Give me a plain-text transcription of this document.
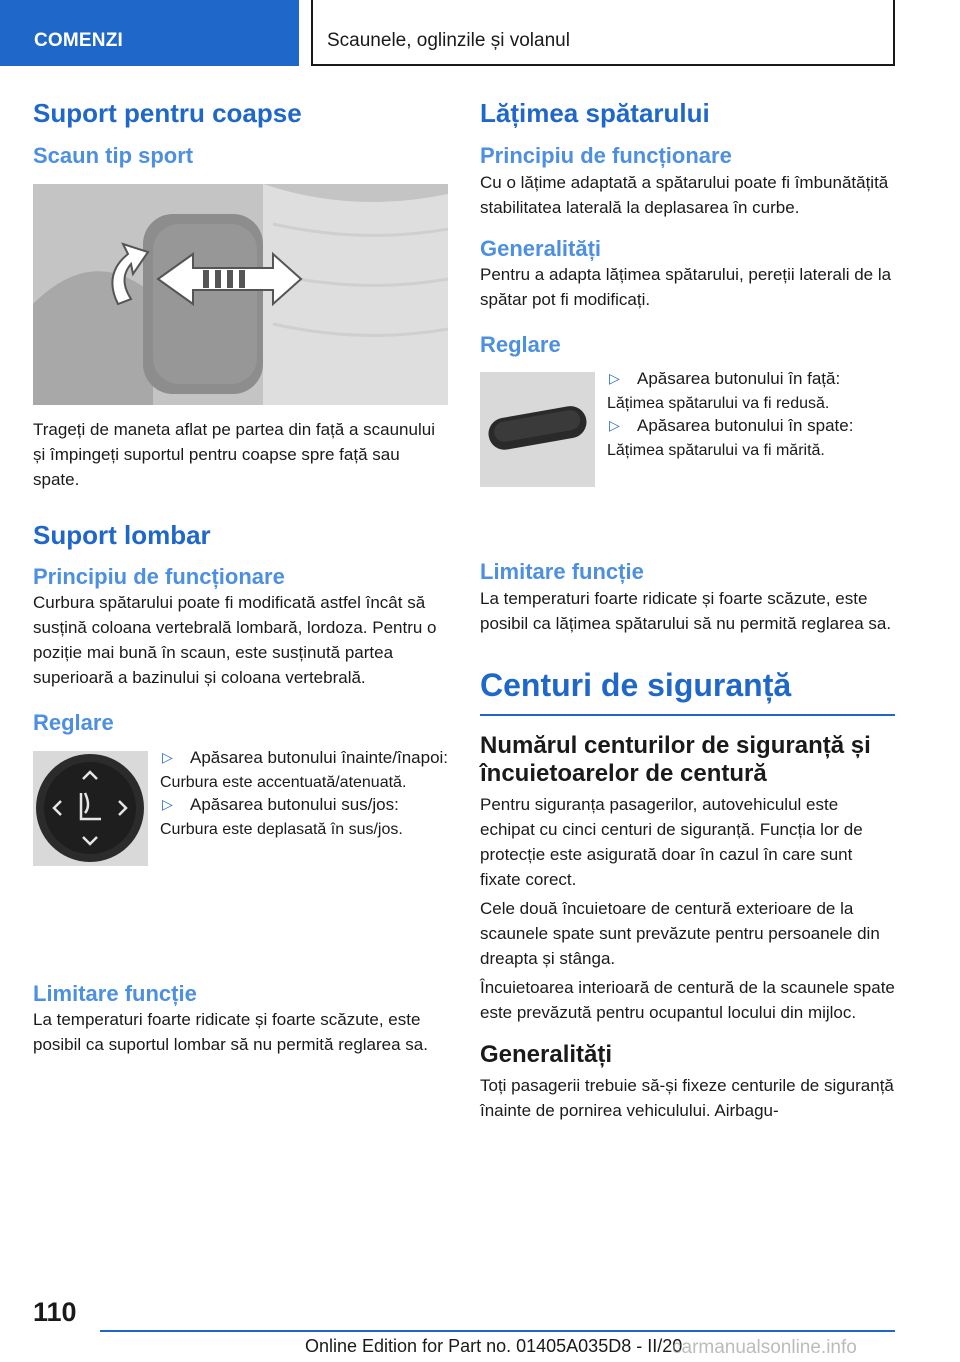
COMENZI	Scaunele, oglinzile și volanul
Suport pentru coapse
Scaun tip sport

Trageți de maneta aflat pe partea din față a scaunului și împingeți suportul pentru coapse spre față sau spate.

Suport lombar
Principiu de funcționare

Curbura spătarului poate fi modificată astfel încât să susțină coloana vertebrală lombară, lordoza. Pentru o poziție mai bună în scaun, este susținută partea superioară a bazinului și coloana vertebrală.

Reglare
▷	Apăsarea butonului înainte/înapoi:
Curbura este accentuată/atenuată.
▷	Apăsarea butonului sus/jos:
Curbura este deplasată în sus/jos.
Limitare funcție

La temperaturi foarte ridicate și foarte scăzute, este posibil ca suportul lombar să nu permită reglarea sa.

Lățimea spătarului
Principiu de funcționare

Cu o lățime adaptată a spătarului poate fi îmbunătățită stabilitatea laterală la deplasarea în curbe.

Generalități

Pentru a adapta lățimea spătarului, pereții laterali de la spătar pot fi modificați.

Reglare
▷	Apăsarea butonului în față:
Lățimea spătarului va fi redusă.
▷	Apăsarea butonului în spate:
Lățimea spătarului va fi mărită.
Limitare funcție

La temperaturi foarte ridicate și foarte scăzute, este posibil ca lățimea spătarului să nu permită reglarea sa.

Centuri de siguranță
Numărul centurilor de siguranță și încuietoarelor de centură

Pentru siguranța pasagerilor, autovehiculul este echipat cu cinci centuri de siguranță. Funcția lor de protecție este asigurată doar în cazul în care sunt fixate corect.

Cele două încuietoare de centură exterioare de la scaunele spate sunt prevăzute pentru persoanele din dreapta și stânga.

Încuietoarea interioară de centură de la scaunele spate este prevăzută pentru ocupantul locului din mijloc.

Generalități

Toți pasagerii trebuie să-și fixeze centurile de siguranță înainte de pornirea vehiculului. Airbagu-

110
Online Edition for Part no. 01405A035D8 - II/20
carmanualsonline.info
